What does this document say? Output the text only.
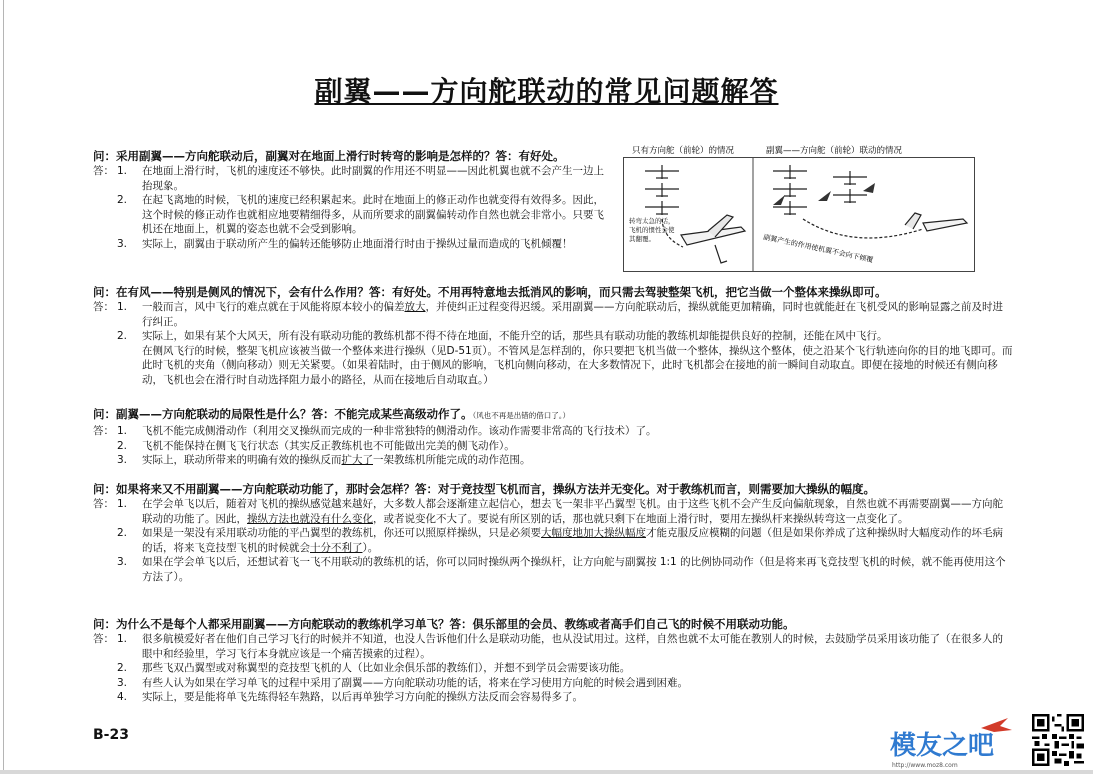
副翼——方向舵联动的常见问题解答
只有方向舵（前轮）的情况	副翼——方向舵（前轮）联动的情况
转弯太急的话，
飞机的惯性会使
其翻覆。	副翼产生的作用使机翼不会向下倾覆
问：采用副翼——方向舵联动后，副翼对在地面上滑行时转弯的影响是怎样的？答：有好处。
答： 1.	在地面上滑行时，飞机的速度还不够快。此时副翼的作用还不明显——因此机翼也就不会产生一边上抬现象。
2.	在起飞离地的时候，飞机的速度已经积累起来。此时在地面上的修正动作也就变得有效得多。因此，这个时候的修正动作也就相应地要精细得多，从而所要求的副翼偏转动作自然也就会非常小。只要飞机还在地面上，机翼的姿态也就不会受到影响。
3.	实际上，副翼由于联动所产生的偏转还能够防止地面滑行时由于操纵过量而造成的飞机倾覆！
问：在有风——特别是侧风的情况下，会有什么作用？答：有好处。不用再特意地去抵消风的影响，而只需去驾驶整架飞机，把它当做一个整体来操纵即可。
答： 1.	一般而言，风中飞行的难点就在于风能将原本较小的偏差放大，并使纠正过程变得迟缓。采用副翼——方向舵联动后，操纵就能更加精确，同时也就能赶在飞机受风的影响显露之前及时进行纠正。
2.	实际上，如果有某个大风天，所有没有联动功能的教练机都不得不待在地面，不能升空的话，那些具有联动功能的教练机却能提供良好的控制，还能在风中飞行。
在侧风飞行的时候，整架飞机应该被当做一个整体来进行操纵（见D-51页）。不管风是怎样刮的，你只要把飞机当做一个整体，操纵这个整体，使之沿某个飞行轨迹向你的目的地飞即可。而此时飞机的夹角（侧向移动）则无关紧要。（如果着陆时，由于侧风的影响，飞机向侧向移动，在大多数情况下，此时飞机都会在接地的前一瞬间自动取直。即便在接地的时候还有侧向移动，飞机也会在滑行时自动选择阻力最小的路径，从而在接地后自动取直。）
问：副翼——方向舵联动的局限性是什么？答：不能完成某些高级动作了。（风也不再是出错的借口了。）
答： 1.	飞机不能完成侧滑动作（利用交叉操纵而完成的一种非常独特的侧滑动作。该动作需要非常高的飞行技术）了。
2.	飞机不能保持在侧飞飞行状态（其实反正教练机也不可能做出完美的侧飞动作）。
3.	实际上，联动所带来的明确有效的操纵反而扩大了一架教练机所能完成的动作范围。
问：如果将来又不用副翼——方向舵联动功能了，那时会怎样？答：对于竞技型飞机而言，操纵方法并无变化。对于教练机而言，则需要加大操纵的幅度。
答： 1.	在学会单飞以后，随着对飞机的操纵感觉越来越好，大多数人都会逐渐建立起信心，想去飞一架非平凸翼型飞机。由于这些飞机不会产生反向偏航现象，自然也就不再需要副翼——方向舵联动的功能了。因此，操纵方法也就没有什么变化，或者说变化不大了。要说有所区别的话，那也就只剩下在地面上滑行时，要用左操纵杆来操纵转弯这一点变化了。
2.	如果是一架没有采用联动功能的平凸翼型的教练机，你还可以照原样操纵，只是必须要大幅度地加大操纵幅度才能克服反应模糊的问题（但是如果你养成了这种操纵时大幅度动作的坏毛病的话，将来飞竞技型飞机的时候就会十分不利了）。
3.	如果在学会单飞以后，还想试着飞一飞不用联动的教练机的话，你可以同时操纵两个操纵杆，让方向舵与副翼按 1:1 的比例协同动作（但是将来再飞竞技型飞机的时候，就不能再使用这个方法了）。
问：为什么不是每个人都采用副翼——方向舵联动的教练机学习单飞？答：俱乐部里的会员、教练或者高手们自己飞的时候不用联动功能。
答： 1.	很多航模爱好者在他们自己学习飞行的时候并不知道，也没人告诉他们什么是联动功能，也从没试用过。这样，自然也就不太可能在教别人的时候，去鼓励学员采用该功能了（在很多人的眼中和经验里，学习飞行本身就应该是一个痛苦摸索的过程）。
2.	那些飞双凸翼型或对称翼型的竞技型飞机的人（比如业余俱乐部的教练们），并想不到学员会需要该功能。
3.	有些人认为如果在学习单飞的过程中采用了副翼——方向舵联动功能的话，将来在学习使用方向舵的时候会遇到困难。
4.	实际上，要是能将单飞先练得轻车熟路，以后再单独学习方向舵的操纵方法反而会容易得多了。
B-23	模友之吧
http://www.moz8.com
